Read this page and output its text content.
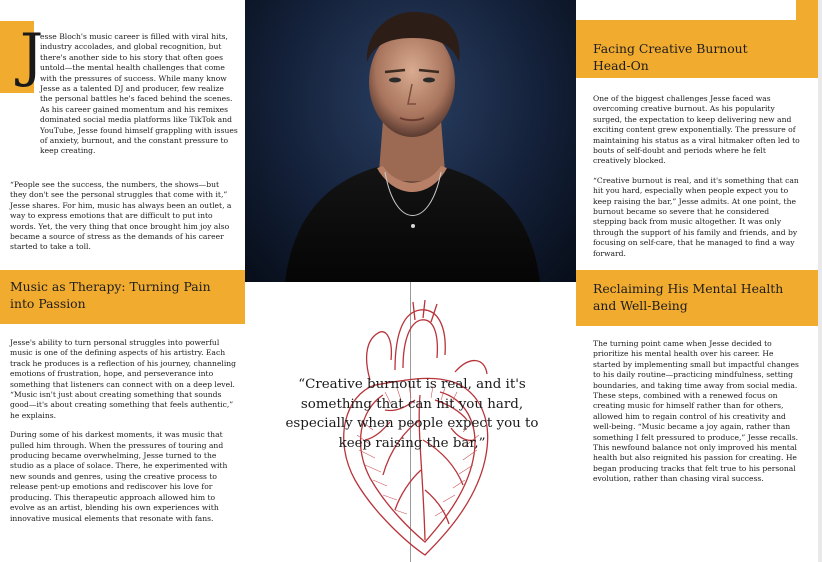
J

esse Bloch's music career is filled with viral hits, industry accolades, and global recognition, but there's another side to his story that often goes untold—the mental health challenges that come with the pressures of success. While many know Jesse as a talented DJ and producer, few realize the personal battles he's faced behind the scenes. As his career gained momentum and his remixes dominated social media platforms like TikTok and YouTube, Jesse found himself grappling with issues of anxiety, burnout, and the constant pressure to keep creating.

“People see the success, the numbers, the shows—but they don't see the personal struggles that come with it,” Jesse shares. For him, music has always been an outlet, a way to express emotions that are difficult to put into words. Yet, the very thing that once brought him joy also became a source of stress as the demands of his career started to take a toll.

Music as Therapy: Turning Pain into Passion

Jesse's ability to turn personal struggles into powerful music is one of the defining aspects of his artistry. Each track he produces is a reflection of his journey, channeling emotions of frustration, hope, and perseverance into something that listeners can connect with on a deep level. “Music isn't just about creating something that sounds good—it's about creating something that feels authentic,” he explains.

During some of his darkest moments, it was music that pulled him through. When the pressures of touring and producing became overwhelming, Jesse turned to the studio as a place of solace. There, he experimented with new sounds and genres, using the creative process to release pent-up emotions and rediscover his love for producing. This therapeutic approach allowed him to evolve as an artist, blending his own experiences with innovative musical elements that resonate with fans.

Facing Creative Burnout Head-On

One of the biggest challenges Jesse faced was overcoming creative burnout. As his popularity surged, the expectation to keep delivering new and exciting content grew exponentially. The pressure of maintaining his status as a viral hitmaker often led to bouts of self-doubt and periods where he felt creatively blocked.

“Creative burnout is real, and it's something that can hit you hard, especially when people expect you to keep raising the bar,” Jesse admits. At one point, the burnout became so severe that he considered stepping back from music altogether. It was only through the support of his family and friends, and by focusing on self-care, that he managed to find a way forward.

Reclaiming His Mental Health and Well-Being

The turning point came when Jesse decided to prioritize his mental health over his career. He started by implementing small but impactful changes to his daily routine—practicing mindfulness, setting boundaries, and taking time away from social media. These steps, combined with a renewed focus on creating music for himself rather than for others, allowed him to regain control of his creativity and well-being. “Music became a joy again, rather than something I felt pressured to produce,” Jesse recalls. This newfound balance not only improved his mental health but also reignited his passion for creating. He began producing tracks that felt true to his personal evolution, rather than chasing viral success.

“Creative burnout is real, and it's something that can hit you hard, especially when people expect you to keep raising the bar,”
